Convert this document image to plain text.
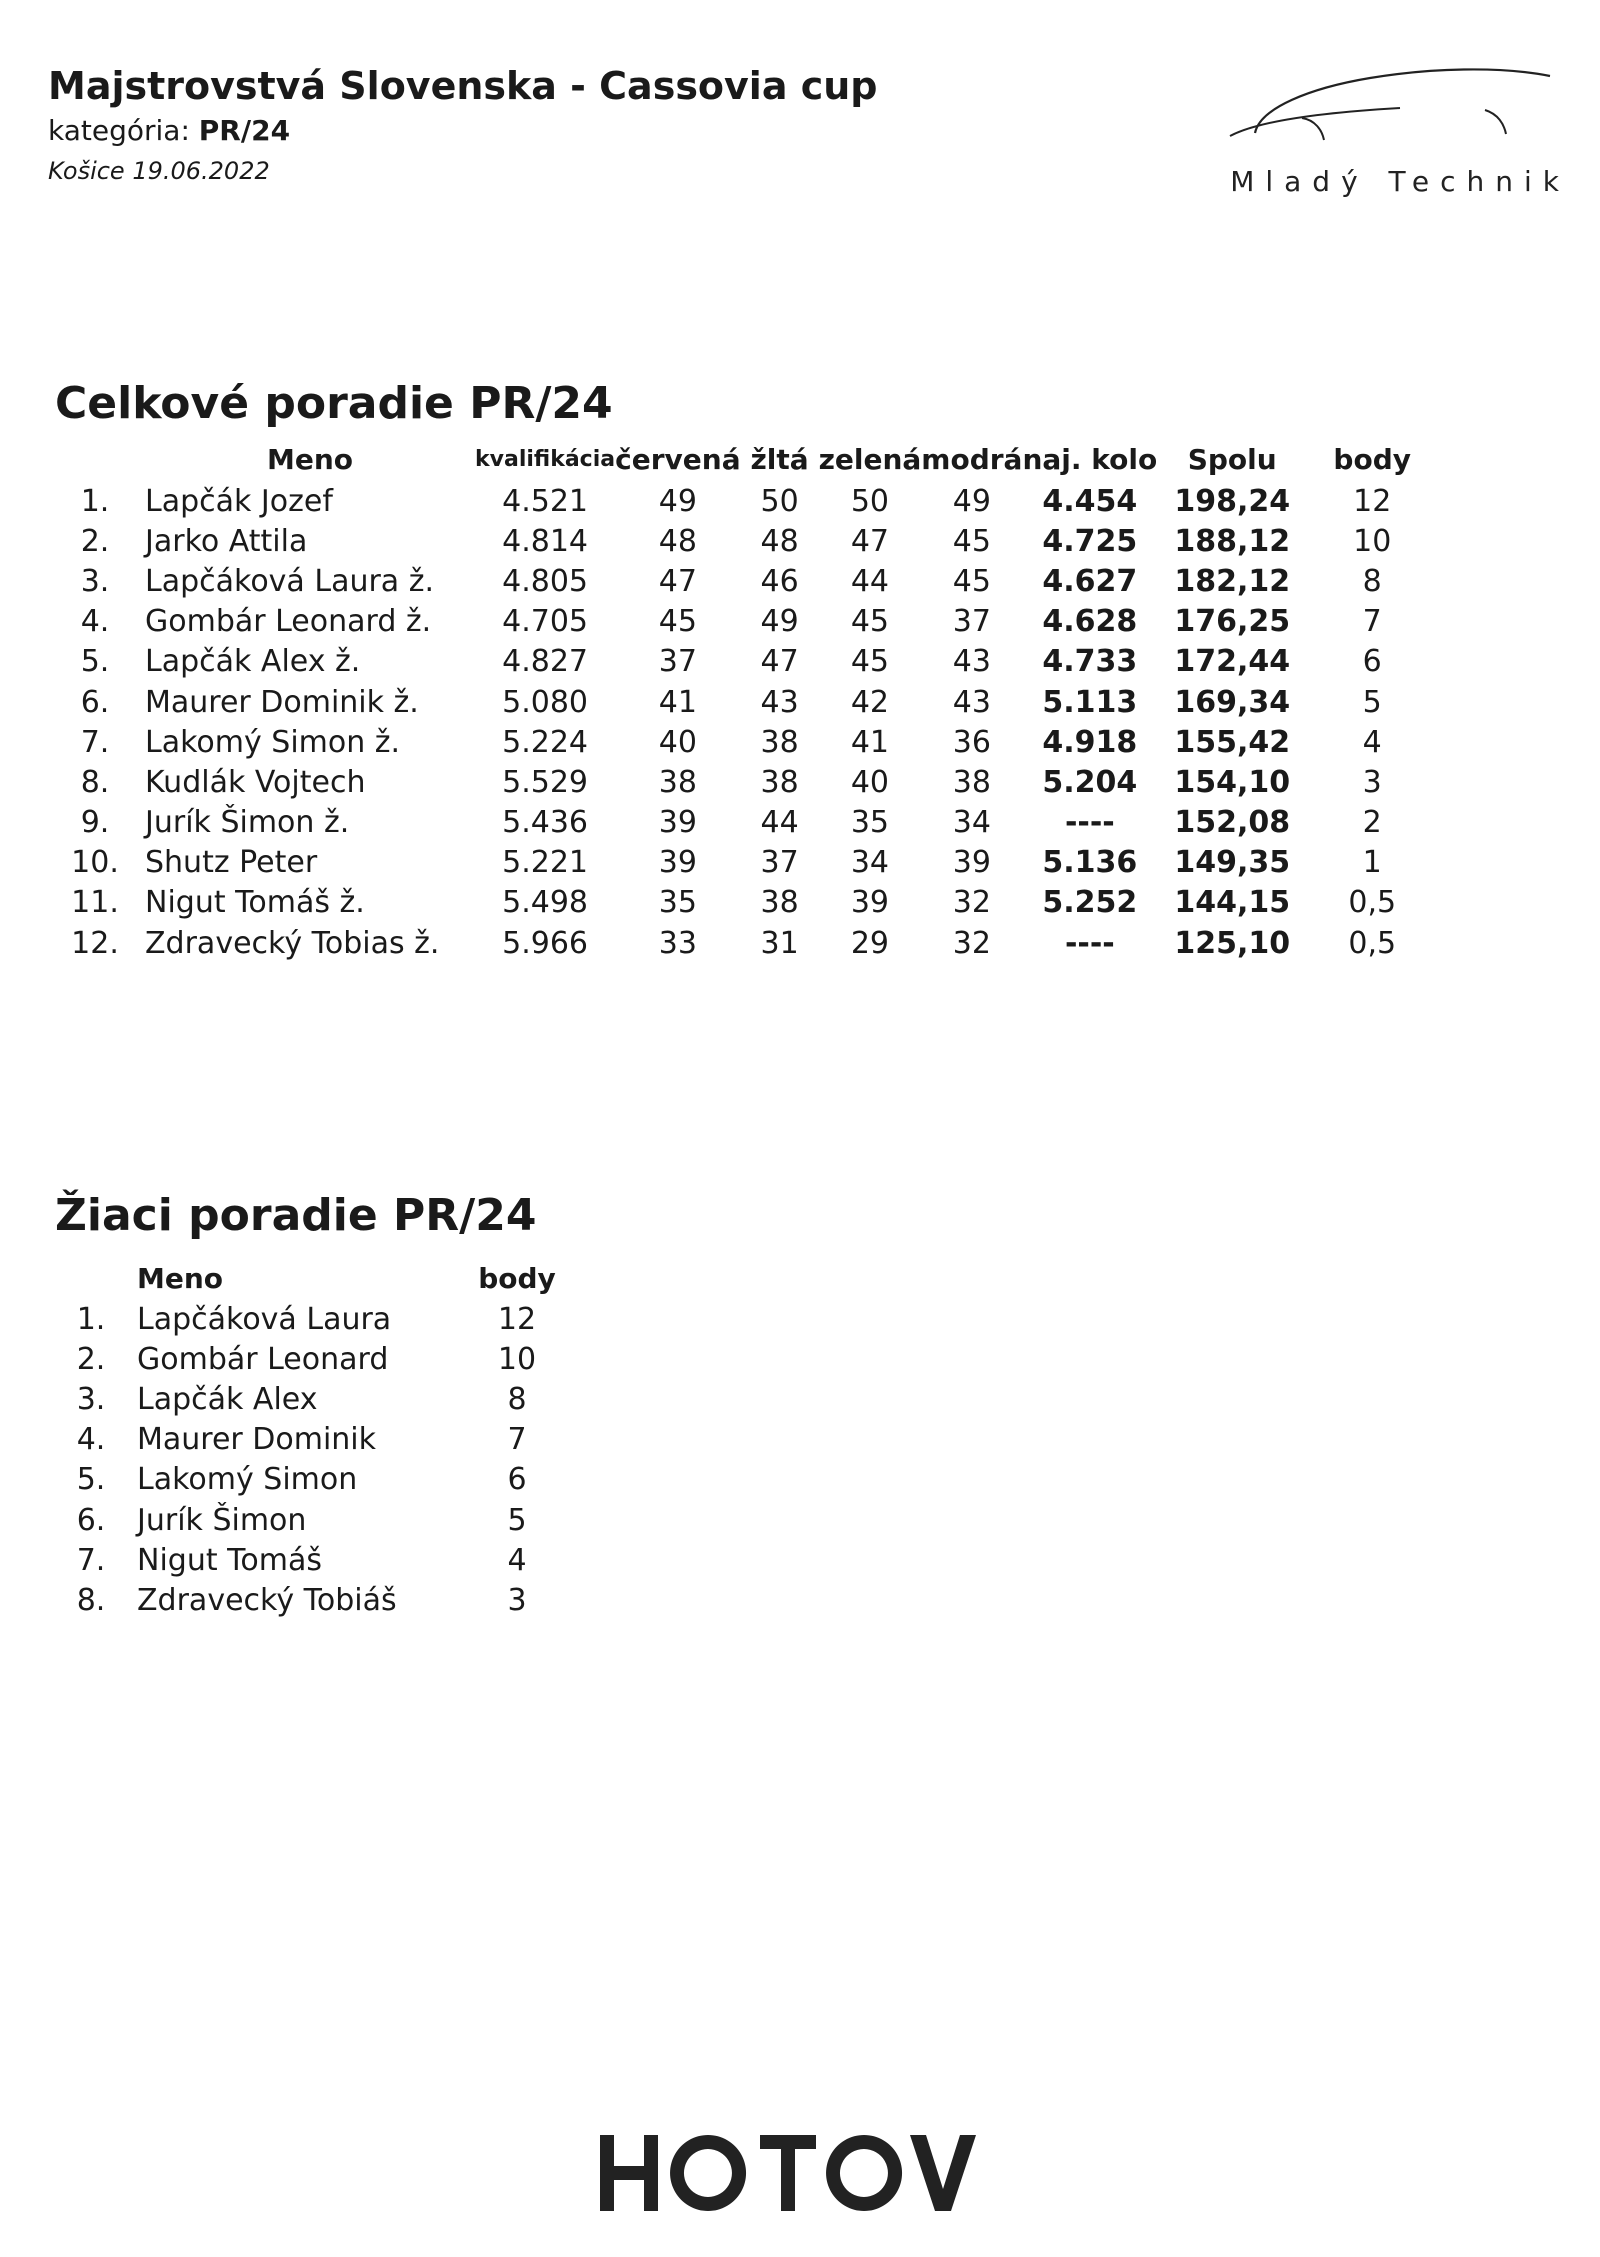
Majstrovstvá Slovenska - Cassovia cup
kategória: PR/24
Košice 19.06.2022	Mladý Technik
Celkové poradie PR/24
	Meno	kvalifikácia	červená	žltá	zelená	modrá	naj. kolo	Spolu	body
1.	Lapčák Jozef	4.521	49	50	50	49	4.454	198,24	12
2.	Jarko Attila	4.814	48	48	47	45	4.725	188,12	10
3.	Lapčáková Laura ž.	4.805	47	46	44	45	4.627	182,12	8
4.	Gombár Leonard ž.	4.705	45	49	45	37	4.628	176,25	7
5.	Lapčák Alex ž.	4.827	37	47	45	43	4.733	172,44	6
6.	Maurer Dominik ž.	5.080	41	43	42	43	5.113	169,34	5
7.	Lakomý Simon ž.	5.224	40	38	41	36	4.918	155,42	4
8.	Kudlák Vojtech	5.529	38	38	40	38	5.204	154,10	3
9.	Jurík Šimon ž.	5.436	39	44	35	34	----	152,08	2
10.	Shutz Peter	5.221	39	37	34	39	5.136	149,35	1
11.	Nigut Tomáš ž.	5.498	35	38	39	32	5.252	144,15	0,5
12.	Zdravecký Tobias ž.	5.966	33	31	29	32	----	125,10	0,5
Žiaci poradie PR/24
	Meno	body
1.	Lapčáková Laura	12
2.	Gombár Leonard	10
3.	Lapčák Alex	8
4.	Maurer Dominik	7
5.	Lakomý Simon	6
6.	Jurík Šimon	5
7.	Nigut Tomáš	4
8.	Zdravecký Tobiáš	3
